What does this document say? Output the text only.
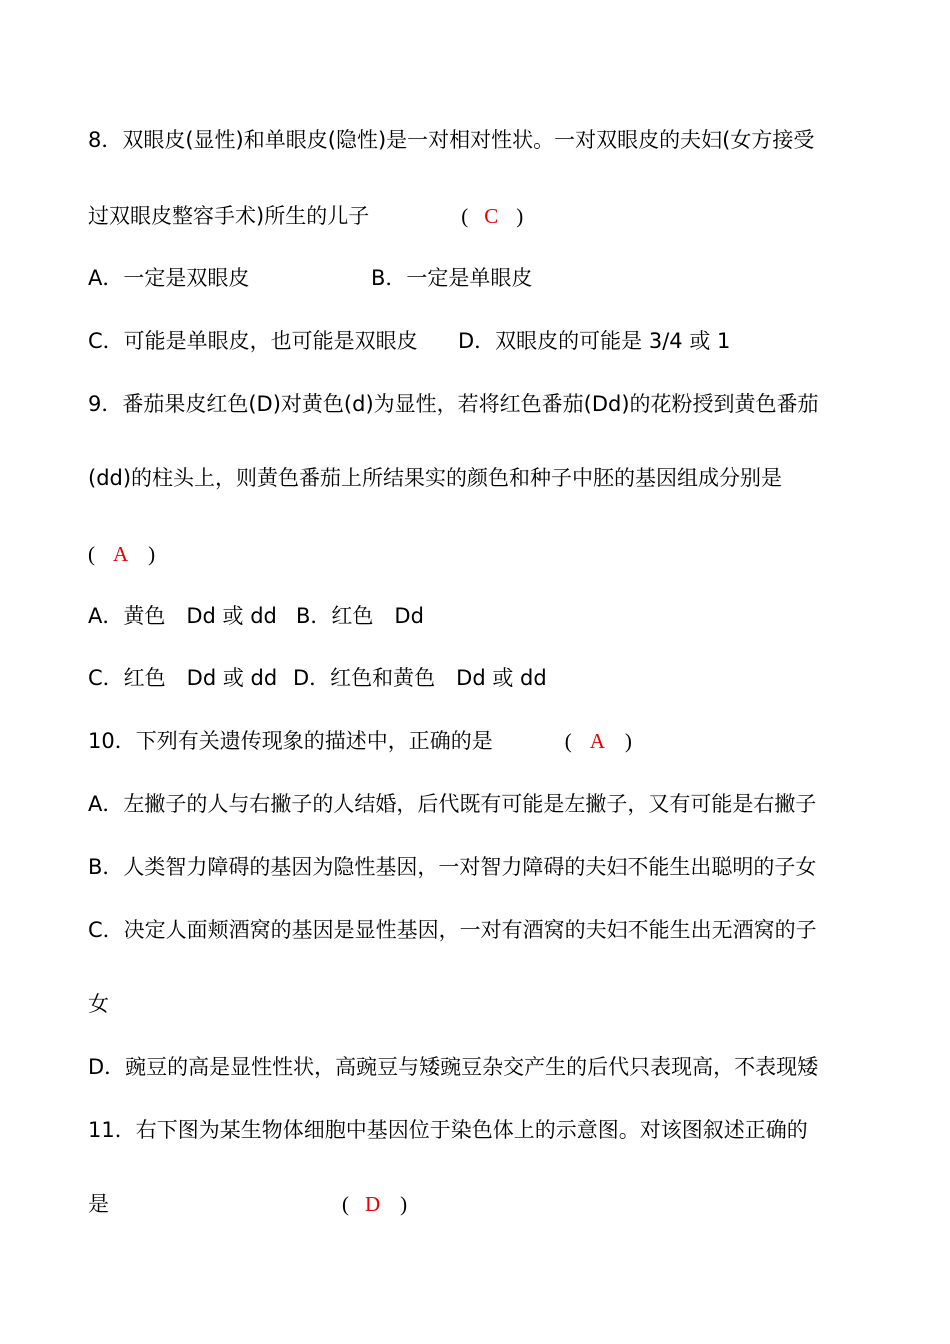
8．双眼皮(显性)和单眼皮(隐性)是一对相对性状。一对双眼皮的夫妇(女方接受
过双眼皮整容手术)所生的儿子	( C )
A．一定是双眼皮	B．一定是单眼皮
C．可能是单眼皮，也可能是双眼皮 D．双眼皮的可能是 3/4 或 1
9．番茄果皮红色(D)对黄色(d)为显性，若将红色番茄(Dd)的花粉授到黄色番茄
(dd)的柱头上，则黄色番茄上所结果实的颜色和种子中胚的基因组成分别是
( A )
A．黄色　Dd 或 dd B．红色　Dd
C．红色　Dd 或 dd D．红色和黄色　Dd 或 dd
10．下列有关遗传现象的描述中，正确的是	( A )
A．左撇子的人与右撇子的人结婚，后代既有可能是左撇子，又有可能是右撇子
B．人类智力障碍的基因为隐性基因，一对智力障碍的夫妇不能生出聪明的子女
C．决定人面颊酒窝的基因是显性基因，一对有酒窝的夫妇不能生出无酒窝的子
女
D．豌豆的高是显性性状，高豌豆与矮豌豆杂交产生的后代只表现高，不表现矮
11．右下图为某生物体细胞中基因位于染色体上的示意图。对该图叙述正确的
是	( D )
